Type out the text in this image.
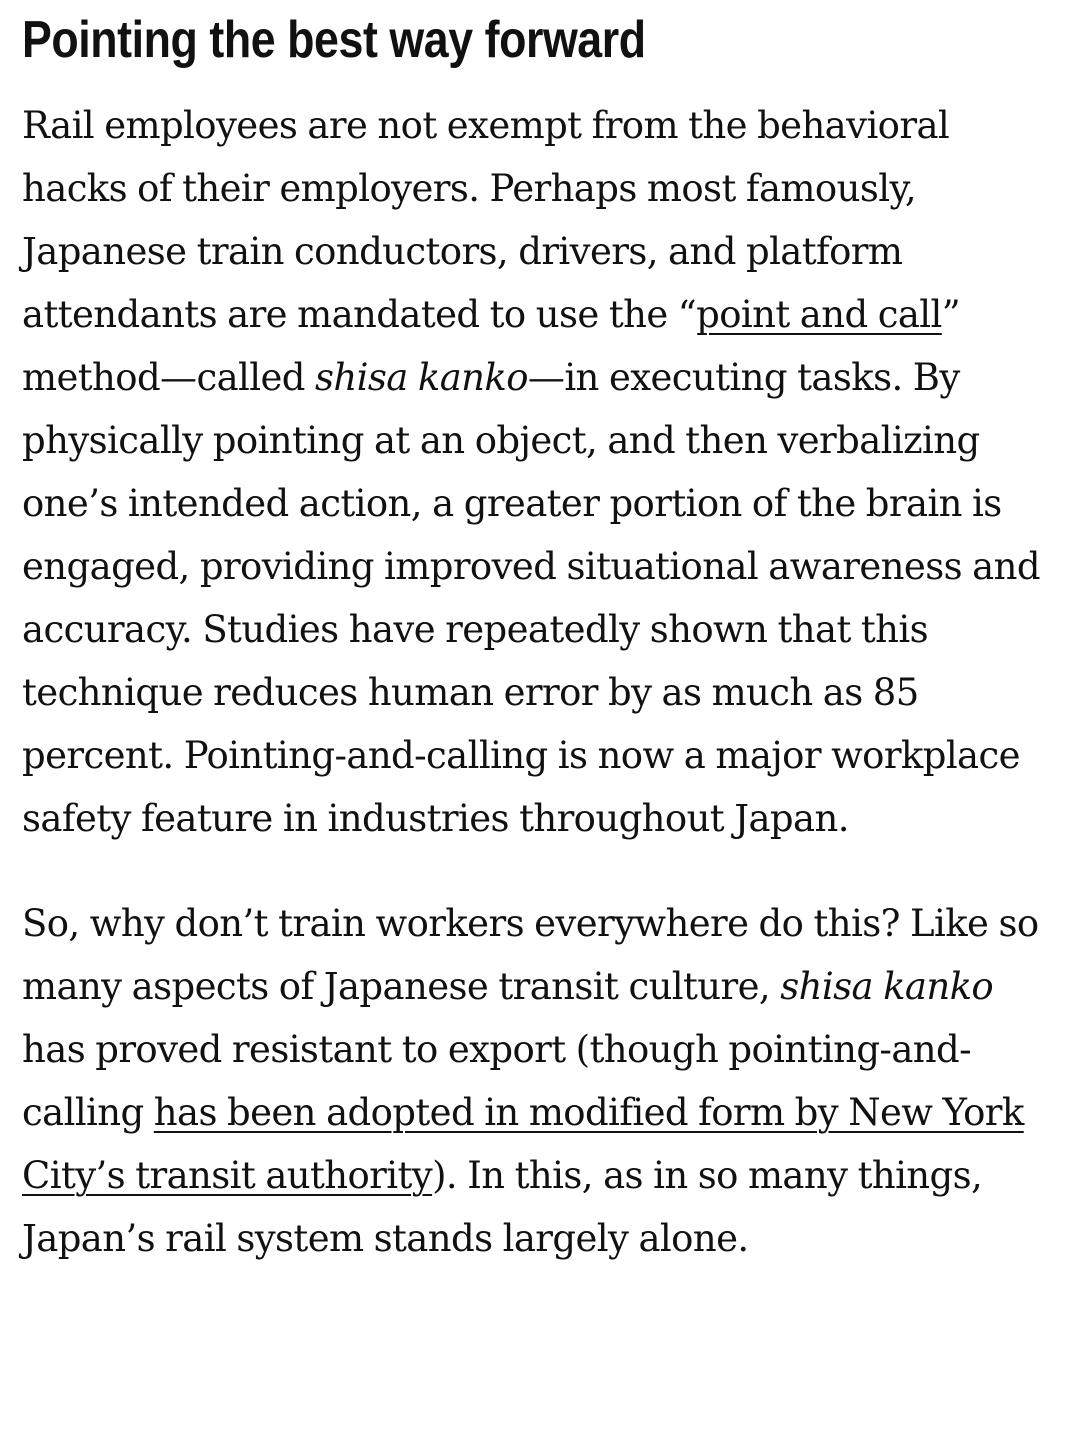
Pointing the best way forward

Rail employees are not exempt from the behavioral hacks of their employers. Perhaps most famously, Japanese train conductors, drivers, and platform attendants are mandated to use the “point and call” method—called shisa kanko—in executing tasks. By physically pointing at an object, and then verbalizing one’s intended action, a greater portion of the brain is engaged, providing improved situational awareness and accuracy. Studies have repeatedly shown that this technique reduces human error by as much as 85 percent. Pointing-and-calling is now a major workplace safety feature in industries throughout Japan.

So, why don’t train workers everywhere do this? Like so many aspects of Japanese transit culture, shisa kanko has proved resistant to export (though pointing-and-calling has been adopted in modified form by New York City’s transit authority). In this, as in so many things, Japan’s rail system stands largely alone.
